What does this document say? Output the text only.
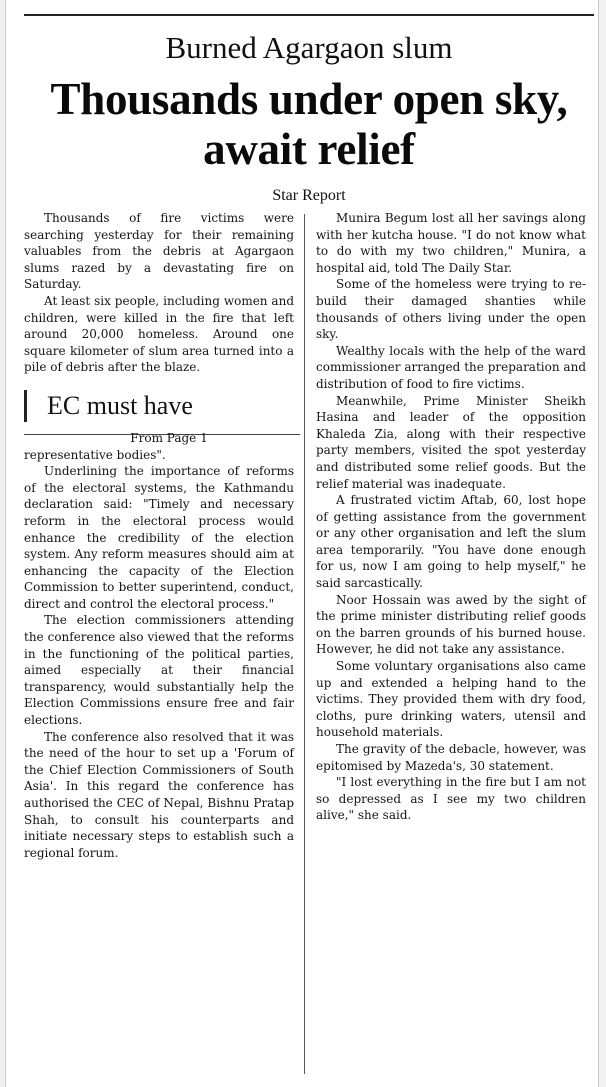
Burned Agargaon slum
Thousands under open sky, await relief
Star Report

Thousands of fire victims were searching yesterday for their remaining valuables from the debris at Agargaon slums razed by a devastating fire on Saturday.

At least six people, including women and children, were killed in the fire that left around 20,000 homeless. Around one square kilometer of slum area turned into a pile of debris after the blaze.

EC must have

From Page 1

representative bodies".

Underlining the importance of reforms of the electoral systems, the Kathmandu declaration said: "Timely and necessary reform in the electoral process would enhance the credibility of the election system. Any reform measures should aim at enhancing the capacity of the Election Commission to better superintend, conduct, direct and control the electoral process."

The election commissioners attending the conference also viewed that the reforms in the functioning of the political parties, aimed especially at their financial transparency, would substantially help the Election Commissions ensure free and fair elections.

The conference also resolved that it was the need of the hour to set up a 'Forum of the Chief Election Commissioners of South Asia'. In this regard the conference has authorised the CEC of Nepal, Bishnu Pratap Shah, to consult his counterparts and initiate necessary steps to establish such a regional forum.

Munira Begum lost all her savings along with her kutcha house. "I do not know what to do with my two children," Munira, a hospital aid, told The Daily Star.

Some of the homeless were trying to re-build their damaged shanties while thousands of others living under the open sky.

Wealthy locals with the help of the ward commissioner arranged the preparation and distribution of food to fire victims.

Meanwhile, Prime Minister Sheikh Hasina and leader of the opposition Khaleda Zia, along with their respective party members, visited the spot yesterday and distributed some relief goods. But the relief material was inadequate.

A frustrated victim Aftab, 60, lost hope of getting assistance from the government or any other organisation and left the slum area temporarily. "You have done enough for us, now I am going to help myself," he said sarcastically.

Noor Hossain was awed by the sight of the prime minister distributing relief goods on the barren grounds of his burned house. However, he did not take any assistance.

Some voluntary organisations also came up and extended a helping hand to the victims. They provided them with dry food, cloths, pure drinking waters, utensil and household materials.

The gravity of the debacle, however, was epitomised by Mazeda's, 30 statement.

"I lost everything in the fire but I am not so depressed as I see my two children alive," she said.
